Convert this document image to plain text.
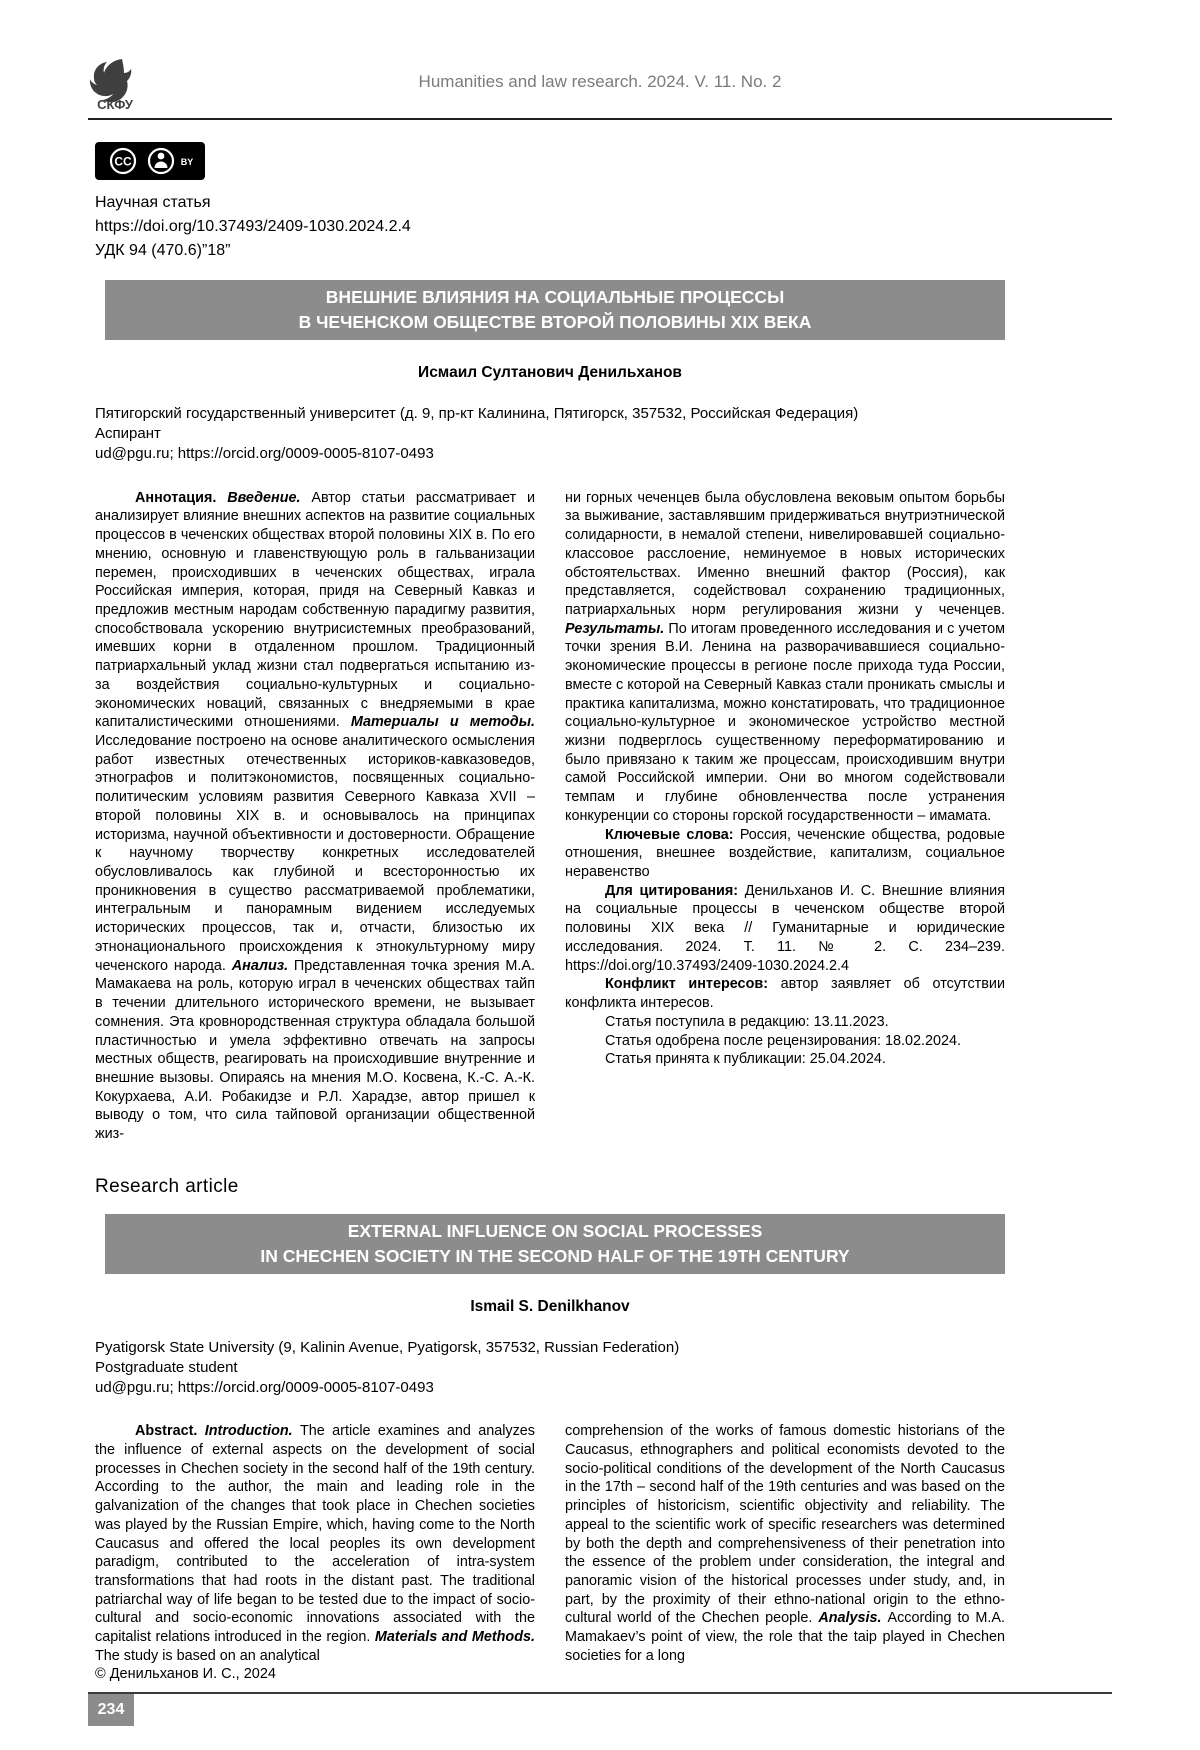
СКФУ
Humanities and law research. 2024. V. 11. No. 2
CC	BY

Научная статья

https://doi.org/10.37493/2409-1030.2024.2.4

УДК 94 (470.6)”18”

ВНЕШНИЕ ВЛИЯНИЯ НА СОЦИАЛЬНЫЕ ПРОЦЕССЫ
В ЧЕЧЕНСКОМ ОБЩЕСТВЕ ВТОРОЙ ПОЛОВИНЫ XIX ВЕКА

Исмаил Султанович Денильханов

Пятигорский государственный университет (д. 9, пр-кт Калинина, Пятигорск, 357532, Российская Федерация)

Аспирант

ud@pgu.ru; https://orcid.org/0009-0005-8107-0493

Аннотация. Введение. Автор статьи рассматривает и анализирует влияние внешних аспектов на развитие социальных процессов в чеченских обществах второй половины XIX в. По его мнению, основную и главенствующую роль в гальванизации перемен, происходивших в чеченских обществах, играла Российская империя, которая, придя на Северный Кавказ и предложив местным народам собственную парадигму развития, способствовала ускорению внутрисистемных преобразований, имевших корни в отдаленном прошлом. Традиционный патриархальный уклад жизни стал подвергаться испытанию из-за воздействия социально-культурных и социально-экономических новаций, связанных с внедряемыми в крае капиталистическими отношениями. Материалы и методы. Исследование построено на основе аналитического осмысления работ известных отечественных историков-кавказоведов, этнографов и политэкономистов, посвященных социально-политическим условиям развития Северного Кавказа XVII – второй половины XIX в. и основывалось на принципах историзма, научной объективности и достоверности. Обращение к научному творчеству конкретных исследователей обусловливалось как глубиной и всесторонностью их проникновения в существо рассматриваемой проблематики, интегральным и панорамным видением исследуемых исторических процессов, так и, отчасти, близостью их этнонационального происхождения к этнокультурному миру чеченского народа. Анализ. Представленная точка зрения М.А. Мамакаева на роль, которую играл в чеченских обществах тайп в течении длительного исторического времени, не вызывает сомнения. Эта кровнородственная структура обладала большой пластичностью и умела эффективно отвечать на запросы местных обществ, реагировать на происходившие внутренние и внешние вызовы. Опираясь на мнения М.О. Косвена, К.-С. А.-К. Кокурхаева, А.И. Робакидзе и Р.Л. Харадзе, автор пришел к выводу о том, что сила тайповой организации общественной жиз-

ни горных чеченцев была обусловлена вековым опытом борьбы за выживание, заставлявшим придерживаться внутриэтнической солидарности, в немалой степени, нивелировавшей социально-классовое расслоение, неминуемое в новых исторических обстоятельствах. Именно внешний фактор (Россия), как представляется, содействовал сохранению традиционных, патриархальных норм регулирования жизни у чеченцев. Результаты. По итогам проведенного исследования и с учетом точки зрения В.И. Ленина на разворачивавшиеся социально-экономические процессы в регионе после прихода туда России, вместе с которой на Северный Кавказ стали проникать смыслы и практика капитализма, можно констатировать, что традиционное социально-культурное и экономическое устройство местной жизни подверглось существенному переформатированию и было привязано к таким же процессам, происходившим внутри самой Российской империи. Они во многом содействовали темпам и глубине обновленчества после устранения конкуренции со стороны горской государственности – имамата.

Ключевые слова: Россия, чеченские общества, родовые отношения, внешнее воздействие, капитализм, социальное неравенство

Для цитирования: Денильханов И. С. Внешние влияния на социальные процессы в чеченском обществе второй половины XIX века // Гуманитарные и юридические исследования. 2024. Т. 11. № 2. С. 234–239. https://doi.org/10.37493/2409-1030.2024.2.4

Конфликт интересов: автор заявляет об отсутствии конфликта интересов.

Статья поступила в редакцию: 13.11.2023.

Статья одобрена после рецензирования: 18.02.2024.

Статья принята к публикации: 25.04.2024.

Research article
EXTERNAL INFLUENCE ON SOCIAL PROCESSES
IN CHECHEN SOCIETY IN THE SECOND HALF OF THE 19TH CENTURY

Ismail S. Denilkhanov

Pyatigorsk State University (9, Kalinin Avenue, Pyatigorsk, 357532, Russian Federation)

Postgraduate student

ud@pgu.ru; https://orcid.org/0009-0005-8107-0493

Abstract. Introduction. The article examines and analyzes the influence of external aspects on the development of social processes in Chechen society in the second half of the 19th century. According to the author, the main and leading role in the galvanization of the changes that took place in Chechen societies was played by the Russian Empire, which, having come to the North Caucasus and offered the local peoples its own development paradigm, contributed to the acceleration of intra-system transformations that had roots in the distant past. The traditional patriarchal way of life began to be tested due to the impact of socio-cultural and socio-economic innovations associated with the capitalist relations introduced in the region. Materials and Methods. The study is based on an analytical

comprehension of the works of famous domestic historians of the Caucasus, ethnographers and political economists devoted to the socio-political conditions of the development of the North Caucasus in the 17th – second half of the 19th centuries and was based on the principles of historicism, scientific objectivity and reliability. The appeal to the scientific work of specific researchers was determined by both the depth and comprehensiveness of their penetration into the essence of the problem under consideration, the integral and panoramic vision of the historical processes under study, and, in part, by the proximity of their ethno-national origin to the ethno-cultural world of the Chechen people. Analysis. According to M.A. Mamakaev’s point of view, the role that the taip played in Chechen societies for a long

© Денильханов И. С., 2024

234
